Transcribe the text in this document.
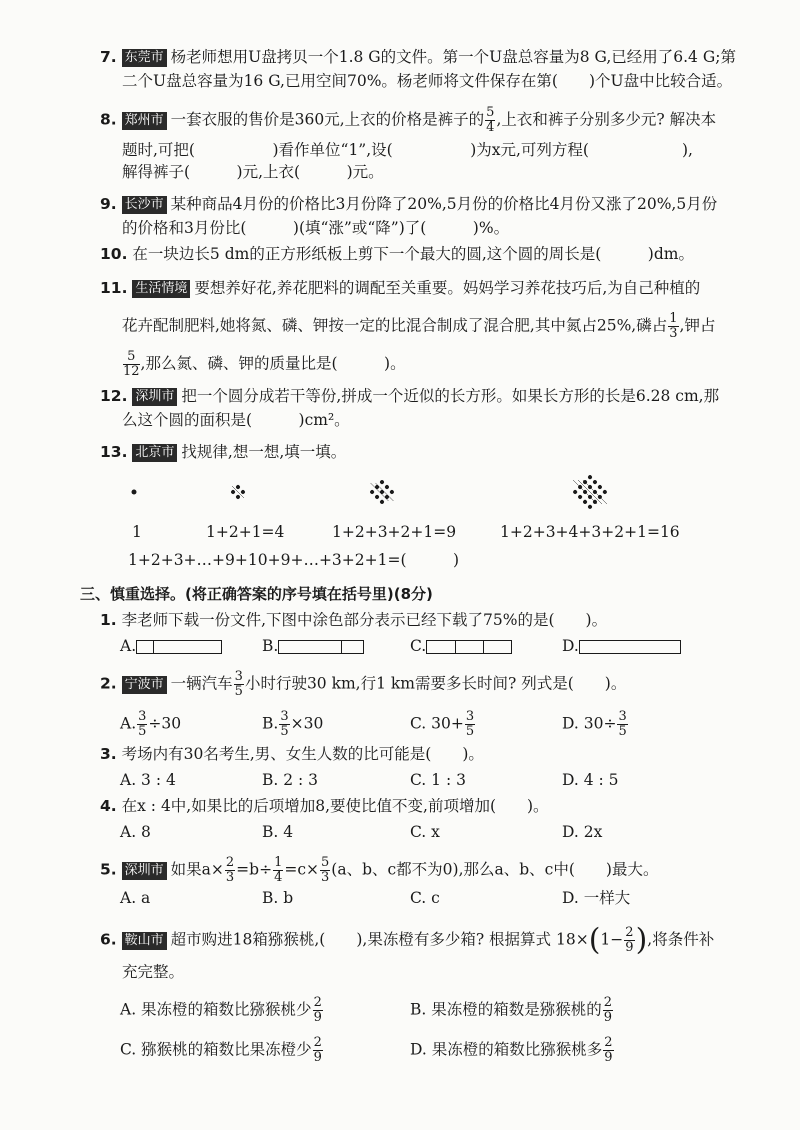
7. 东莞市 杨老师想用U盘拷贝一个1.8 G的文件。第一个U盘总容量为8 G,已经用了6.4 G;第
二个U盘总容量为16 G,已用空间70%。杨老师将文件保存在第(　　)个U盘中比较合适。
8. 郑州市 一套衣服的售价是360元,上衣的价格是裤子的 $\frac{5}{4}$ ,上衣和裤子分别多少元? 解决本
题时,可把(　　　　　)看作单位“1”,设(　　　　　)为x元,可列方程(　　　　　　),
解得裤子(　　　)元,上衣(　　　)元。
9. 长沙市 某种商品4月份的价格比3月份降了20%,5月份的价格比4月份又涨了20%,5月份
的价格和3月份比(　　　)(填“涨”或“降”)了(　　　)%。
10. 在一块边长5 dm的正方形纸板上剪下一个最大的圆,这个圆的周长是(　　　)dm。
11. 生活情境 要想养好花,养花肥料的调配至关重要。妈妈学习养花技巧后,为自己种植的
花卉配制肥料,她将氮、磷、钾按一定的比混合制成了混合肥,其中氮占25%,磷占 $\frac{1}{3}$ ,钾占
$\frac{5}{12}$ ,那么氮、磷、钾的质量比是(　　　)。
12. 深圳市 把一个圆分成若干等份,拼成一个近似的长方形。如果长方形的长是6.28 cm,那
么这个圆的面积是(　　　)cm²。
13. 北京市 找规律,想一想,填一填。
1	1+2+1=4	1+2+3+2+1=9	1+2+3+4+3+2+1=16
1+2+3+…+9+10+9+…+3+2+1=(　　　)
三、慎重选择。(将正确答案的序号填在括号里)(8分)
1. 李老师下载一份文件,下图中涂色部分表示已经下载了75%的是(　　)。
A.	B.	C.	D.
2. 宁波市 一辆汽车 $\frac{3}{5}$ 小时行驶30 km,行1 km需要多长时间? 列式是(　　)。
A. $\frac{3}{5} \div 30$	B. $\frac{3}{5} \times 30$	C. $30+ \frac{3}{5}$	D. $30\div \frac{3}{5}$
3. 考场内有30名考生,男、女生人数的比可能是(　　)。
A. 3 : 4	B. 2 : 3	C. 1 : 3	D. 4 : 5
4. 在x : 4中,如果比的后项增加8,要使比值不变,前项增加(　　)。
A. 8	B. 4	C. x	D. 2x
5. 深圳市 如果$a\times \frac{2}{3} =b\div \frac{1}{4} =c\times \frac{5}{3} (a$、b、c都不为0),那么a、b、c中(　　)最大。
A. a	B. b	C. c	D. 一样大
6. 鞍山市 超市购进18箱猕猴桃,(　　),果冻橙有多少箱? 根据算式 $18\times(1- \frac{2}{9}$ ),将条件补
充完整。
A. 果冻橙的箱数比猕猴桃少 $\frac{2}{9}$	B. 果冻橙的箱数是猕猴桃的 $\frac{2}{9}$
C. 猕猴桃的箱数比果冻橙少 $\frac{2}{9}$	D. 果冻橙的箱数比猕猴桃多 $\frac{2}{9}$
